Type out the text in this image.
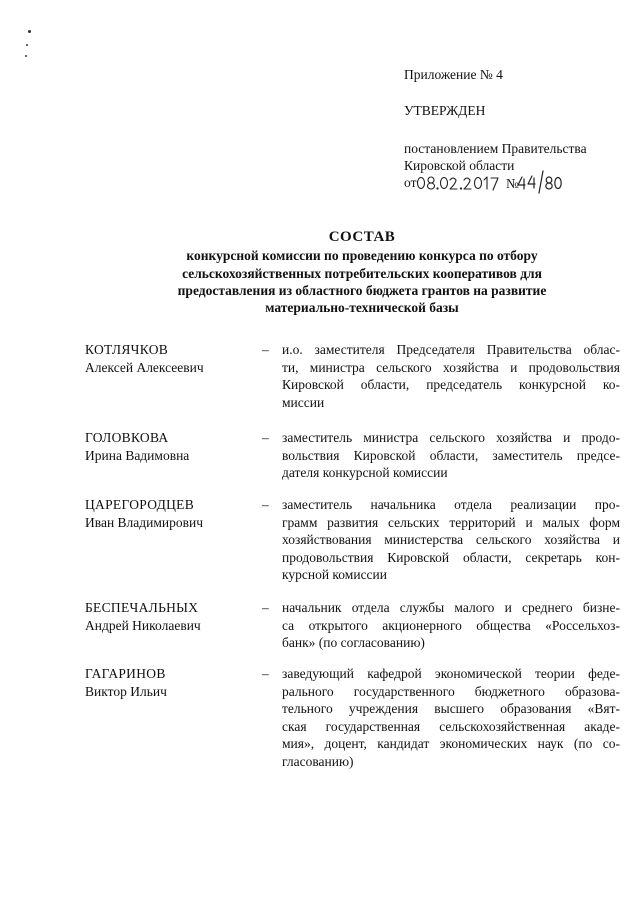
Приложение № 4
УТВЕРЖДЕН
постановлением Правительства
Кировской области
от	№
СОСТАВ
конкурсной комиссии по проведению конкурса по отбору
сельскохозяйственных потребительских кооперативов для
предоставления из областного бюджета грантов на развитие
материально-технической базы
КОТЛЯЧКОВ
Алексей Алексеевич
– и.о. заместителя Председателя Правительства облас-
ти, министра сельского хозяйства и продовольствия
Кировской области, председатель конкурсной ко-
миссии
ГОЛОВКОВА
Ирина Вадимовна
– заместитель министра сельского хозяйства и продо-
вольствия Кировской области, заместитель предсе-
дателя конкурсной комиссии
ЦАРЕГОРОДЦЕВ
Иван Владимирович
– заместитель начальника отдела реализации про-
грамм развития сельских территорий и малых форм
хозяйствования министерства сельского хозяйства и
продовольствия Кировской области, секретарь кон-
курсной комиссии
БЕСПЕЧАЛЬНЫХ
Андрей Николаевич
– начальник отдела службы малого и среднего бизне-
са открытого акционерного общества «Россельхоз-
банк» (по согласованию)
ГАГАРИНОВ
Виктор Ильич
– заведующий кафедрой экономической теории феде-
рального государственного бюджетного образова-
тельного учреждения высшего образования «Вят-
ская государственная сельскохозяйственная акаде-
мия», доцент, кандидат экономических наук (по со-
гласованию)
